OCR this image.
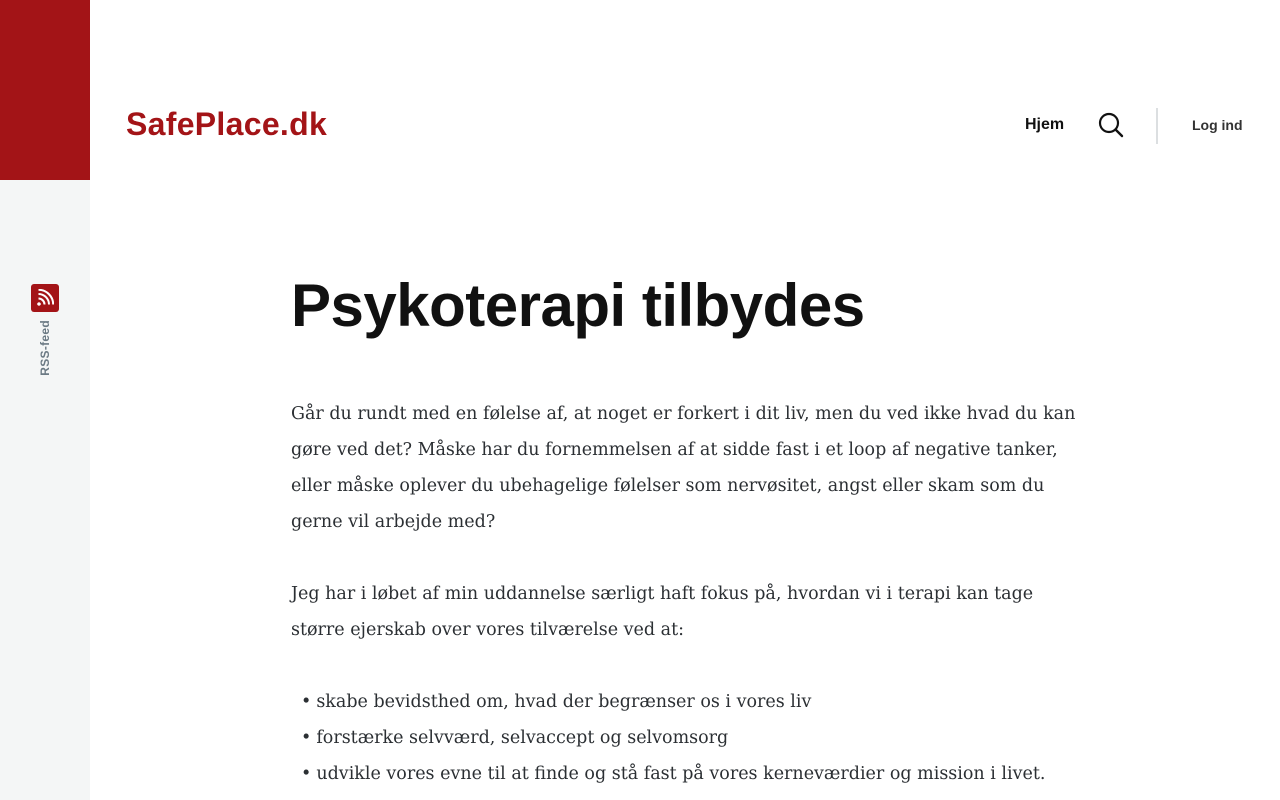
RSS-feed
SafePlace.dk	Hjem	Log ind
Psykoterapi tilbydes

Går du rundt med en følelse af, at noget er forkert i dit liv, men du ved ikke hvad du kan gøre ved det? Måske har du fornemmelsen af at sidde fast i et loop af negative tanker, eller måske oplever du ubehagelige følelser som nervøsitet, angst eller skam som du gerne vil arbejde med?

Jeg har i løbet af min uddannelse særligt haft fokus på, hvordan vi i terapi kan tage større ejerskab over vores tilværelse ved at:

• skabe bevidsthed om, hvad der begrænser os i vores liv
• forstærke selvværd, selvaccept og selvomsorg
• udvikle vores evne til at finde og stå fast på vores kerneværdier og mission i livet.
